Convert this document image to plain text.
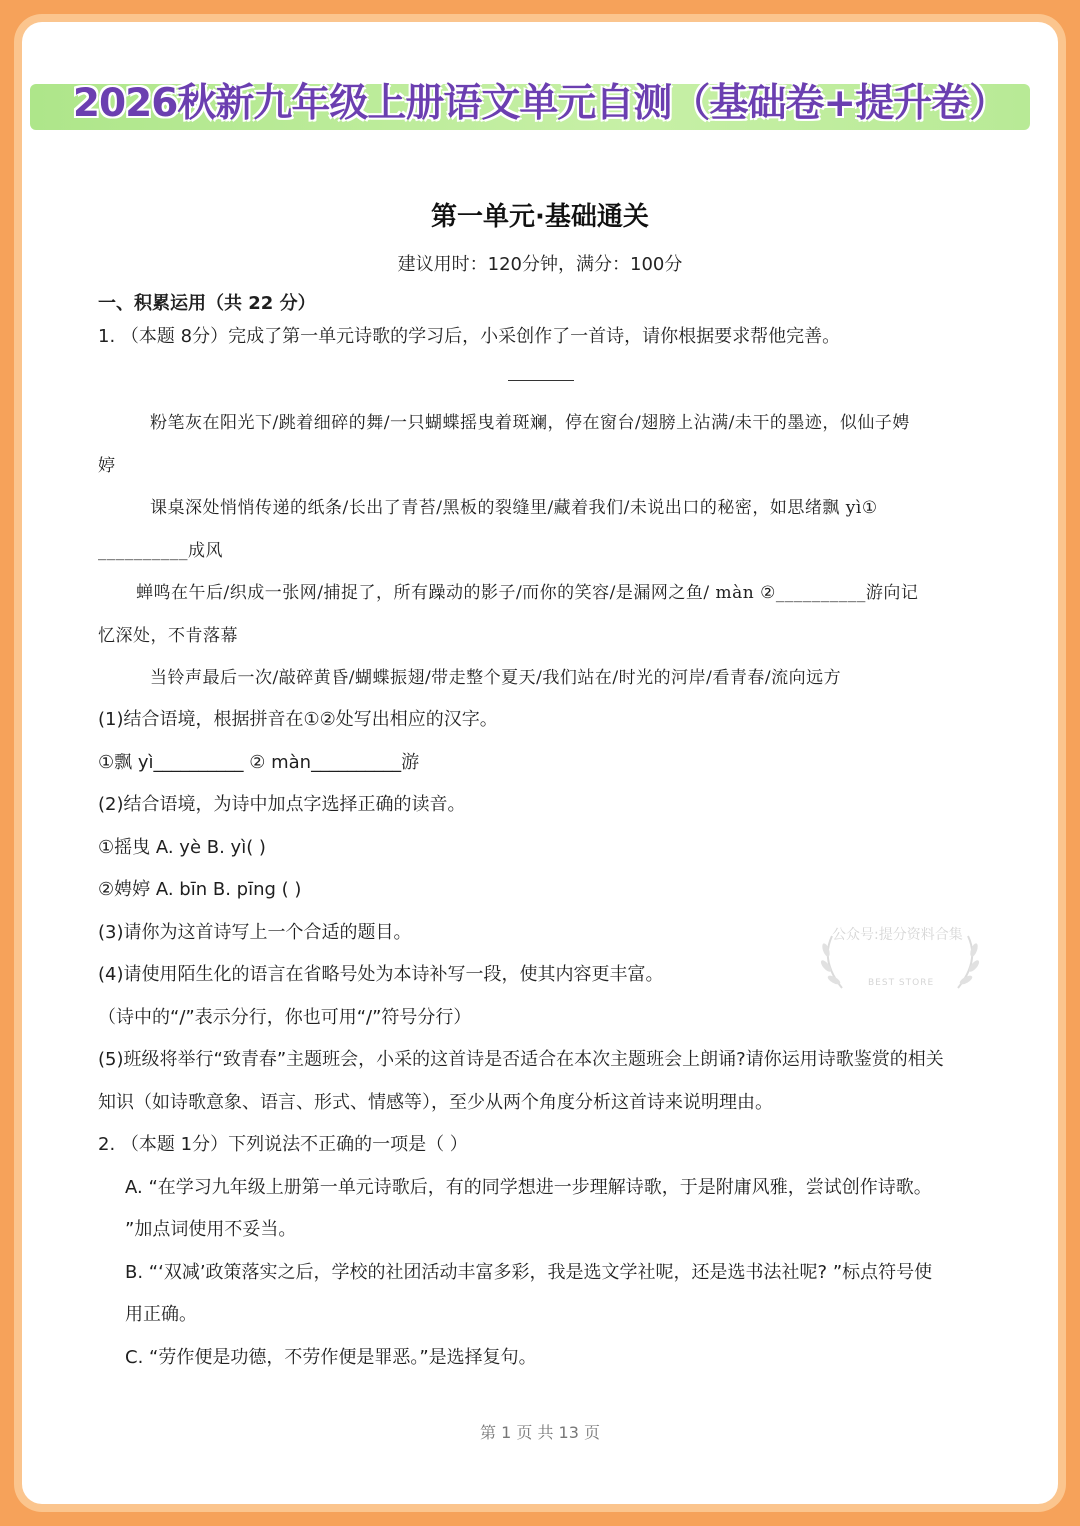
2026秋新九年级上册语文单元自测（基础卷+提升卷）
第一单元·基础通关
建议用时：120分钟，满分：100分
一、积累运用（共 22 分）
1. （本题 8分）完成了第一单元诗歌的学习后，小采创作了一首诗，请你根据要求帮他完善。
粉笔灰在阳光下/跳着细碎的舞/一只蝴蝶摇曳着斑斓，停在窗台/翅膀上沾满/未干的墨迹，似仙子娉
婷
课桌深处悄悄传递的纸条/长出了青苔/黑板的裂缝里/藏着我们/未说出口的秘密，如思绪飘 yì①
__________成风
蝉鸣在午后/织成一张网/捕捉了，所有躁动的影子/而你的笑容/是漏网之鱼/ màn ②__________游向记
忆深处，不肯落幕
当铃声最后一次/敲碎黄昏/蝴蝶振翅/带走整个夏天/我们站在/时光的河岸/看青春/流向远方
(1)结合语境，根据拼音在①②处写出相应的汉字。
①飘 yì__________ ② màn__________游
(2)结合语境，为诗中加点字选择正确的读音。
①摇曳 A. yè B. yì( )
②娉婷 A. bīn B. pīng ( )
(3)请你为这首诗写上一个合适的题目。
(4)请使用陌生化的语言在省略号处为本诗补写一段，使其内容更丰富。
（诗中的“/”表示分行，你也可用“/”符号分行）
(5)班级将举行“致青春”主题班会，小采的这首诗是否适合在本次主题班会上朗诵?请你运用诗歌鉴赏的相关
知识（如诗歌意象、语言、形式、情感等），至少从两个角度分析这首诗来说明理由。
2. （本题 1分）下列说法不正确的一项是（ ）
A. “在学习九年级上册第一单元诗歌后，有的同学想进一步理解诗歌，于是附庸风雅，尝试创作诗歌。
”加点词使用不妥当。
B. “‘双减’政策落实之后，学校的社团活动丰富多彩，我是选文学社呢，还是选书法社呢? ”标点符号使
用正确。
C. “劳作便是功德，不劳作便是罪恶。”是选择复句。
公众号:提分资料合集
BEST STORE
第 1 页 共 13 页
